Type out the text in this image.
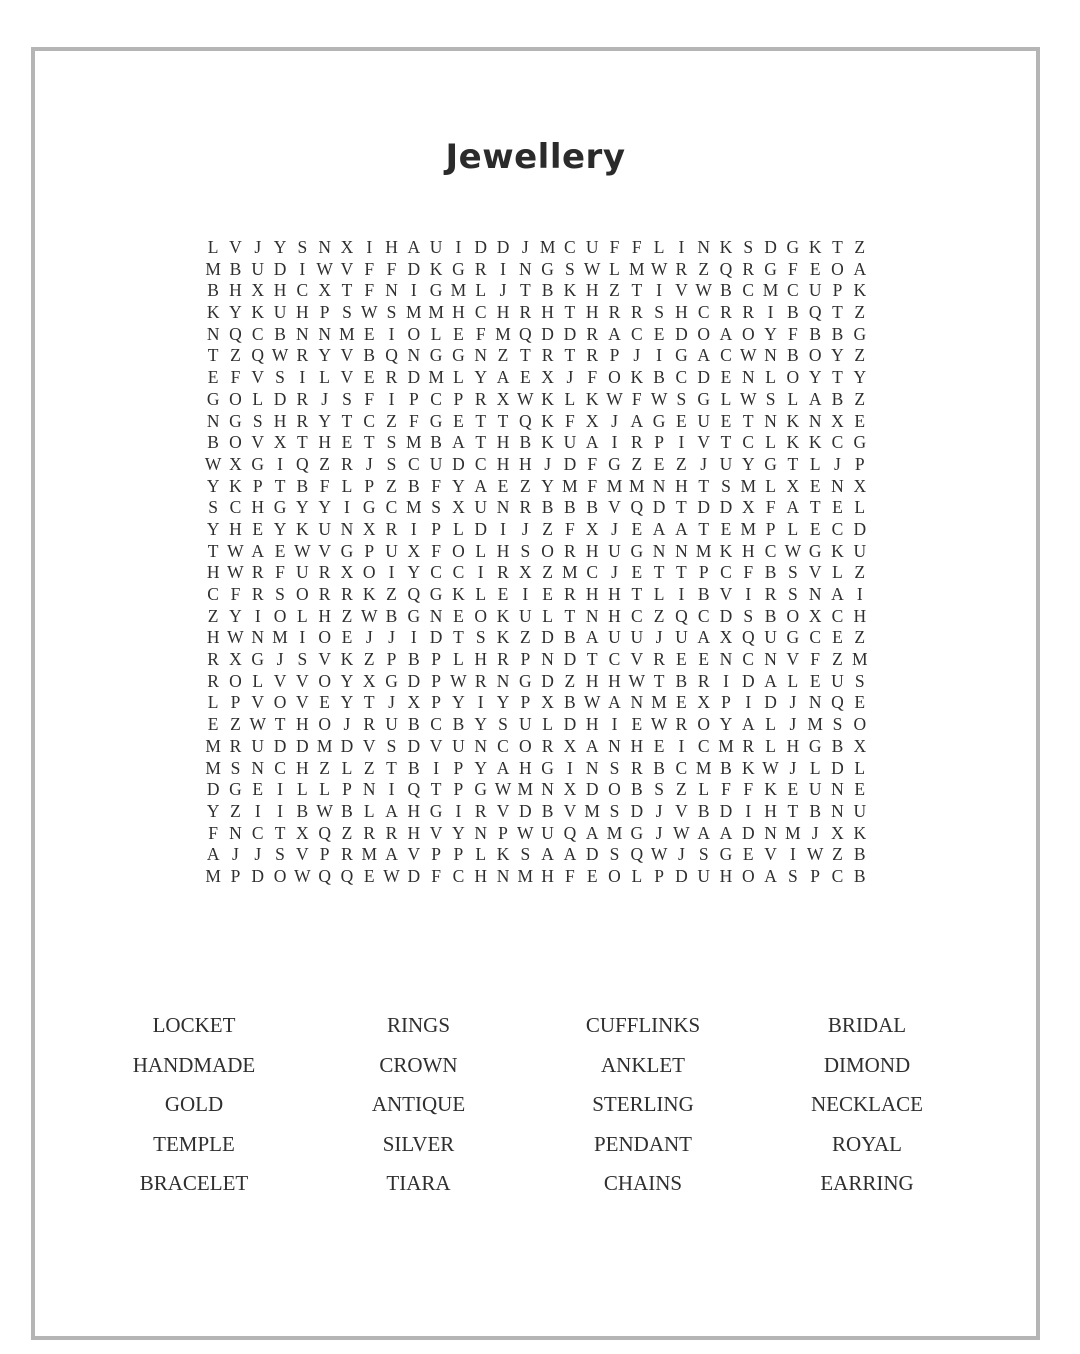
Jewellery
L V J Y S N X I H A U I D D J M C U F F L I N K S D G K T Z
M B U D I W V F F D K G R I N G S W L M W R Z Q R G F E O A
B H X H C X T F N I G M L J T B K H Z T I V W B C M C U P K
K Y K U H P S W S M M H C H R H T H R R S H C R R I B Q T Z
N Q C B N N M E I O L E F M Q D D R A C E D O A O Y F B B G
T Z Q W R Y V B Q N G G N Z T R T R P J I G A C W N B O Y Z
E F V S I L V E R D M L Y A E X J F O K B C D E N L O Y T Y
G O L D R J S F I P C P R X W K L K W F W S G L W S L A B Z
N G S H R Y T C Z F G E T T Q K F X J A G E U E T N K N X E
B O V X T H E T S M B A T H B K U A I R P I V T C L K K C G
W X G I Q Z R J S C U D C H H J D F G Z E Z J U Y G T L J P
Y K P T B F L P Z B F Y A E Z Y M F M M N H T S M L X E N X
S C H G Y Y I G C M S X U N R B B B V Q D T D D X F A T E L
Y H E Y K U N X R I P L D I J Z F X J E A A T E M P L E C D
T W A E W V G P U X F O L H S O R H U G N N M K H C W G K U
H W R F U R X O I Y C C I R X Z M C J E T T P C F B S V L Z
C F R S O R R K Z Q G K L E I E R H H T L I B V I R S N A I
Z Y I O L H Z W B G N E O K U L T N H C Z Q C D S B O X C H
H W N M I O E J J I D T S K Z D B A U U J U A X Q U G C E Z
R X G J S V K Z P B P L H R P N D T C V R E E N C N V F Z M
R O L V V O Y X G D P W R N G D Z H H W T B R I D A L E U S
L P V O V E Y T J X P Y I Y P X B W A N M E X P I D J N Q E
E Z W T H O J R U B C B Y S U L D H I E W R O Y A L J M S O
M R U D D M D V S D V U N C O R X A N H E I C M R L H G B X
M S N C H Z L Z T B I P Y A H G I N S R B C M B K W J L D L
D G E I L L P N I Q T P G W M N X D O B S Z L F F K E U N E
Y Z I I B W B L A H G I R V D B V M S D J V B D I H T B N U
F N C T X Q Z R R H V Y N P W U Q A M G J W A A D N M J X K
A J J S V P R M A V P P L K S A A D S Q W J S G E V I W Z B
M P D O W Q Q E W D F C H N M H F E O L P D U H O A S P C B
LOCKET	RINGS	CUFFLINKS	BRIDAL
HANDMADE	CROWN	ANKLET	DIMOND
GOLD	ANTIQUE	STERLING	NECKLACE
TEMPLE	SILVER	PENDANT	ROYAL
BRACELET	TIARA	CHAINS	EARRING
